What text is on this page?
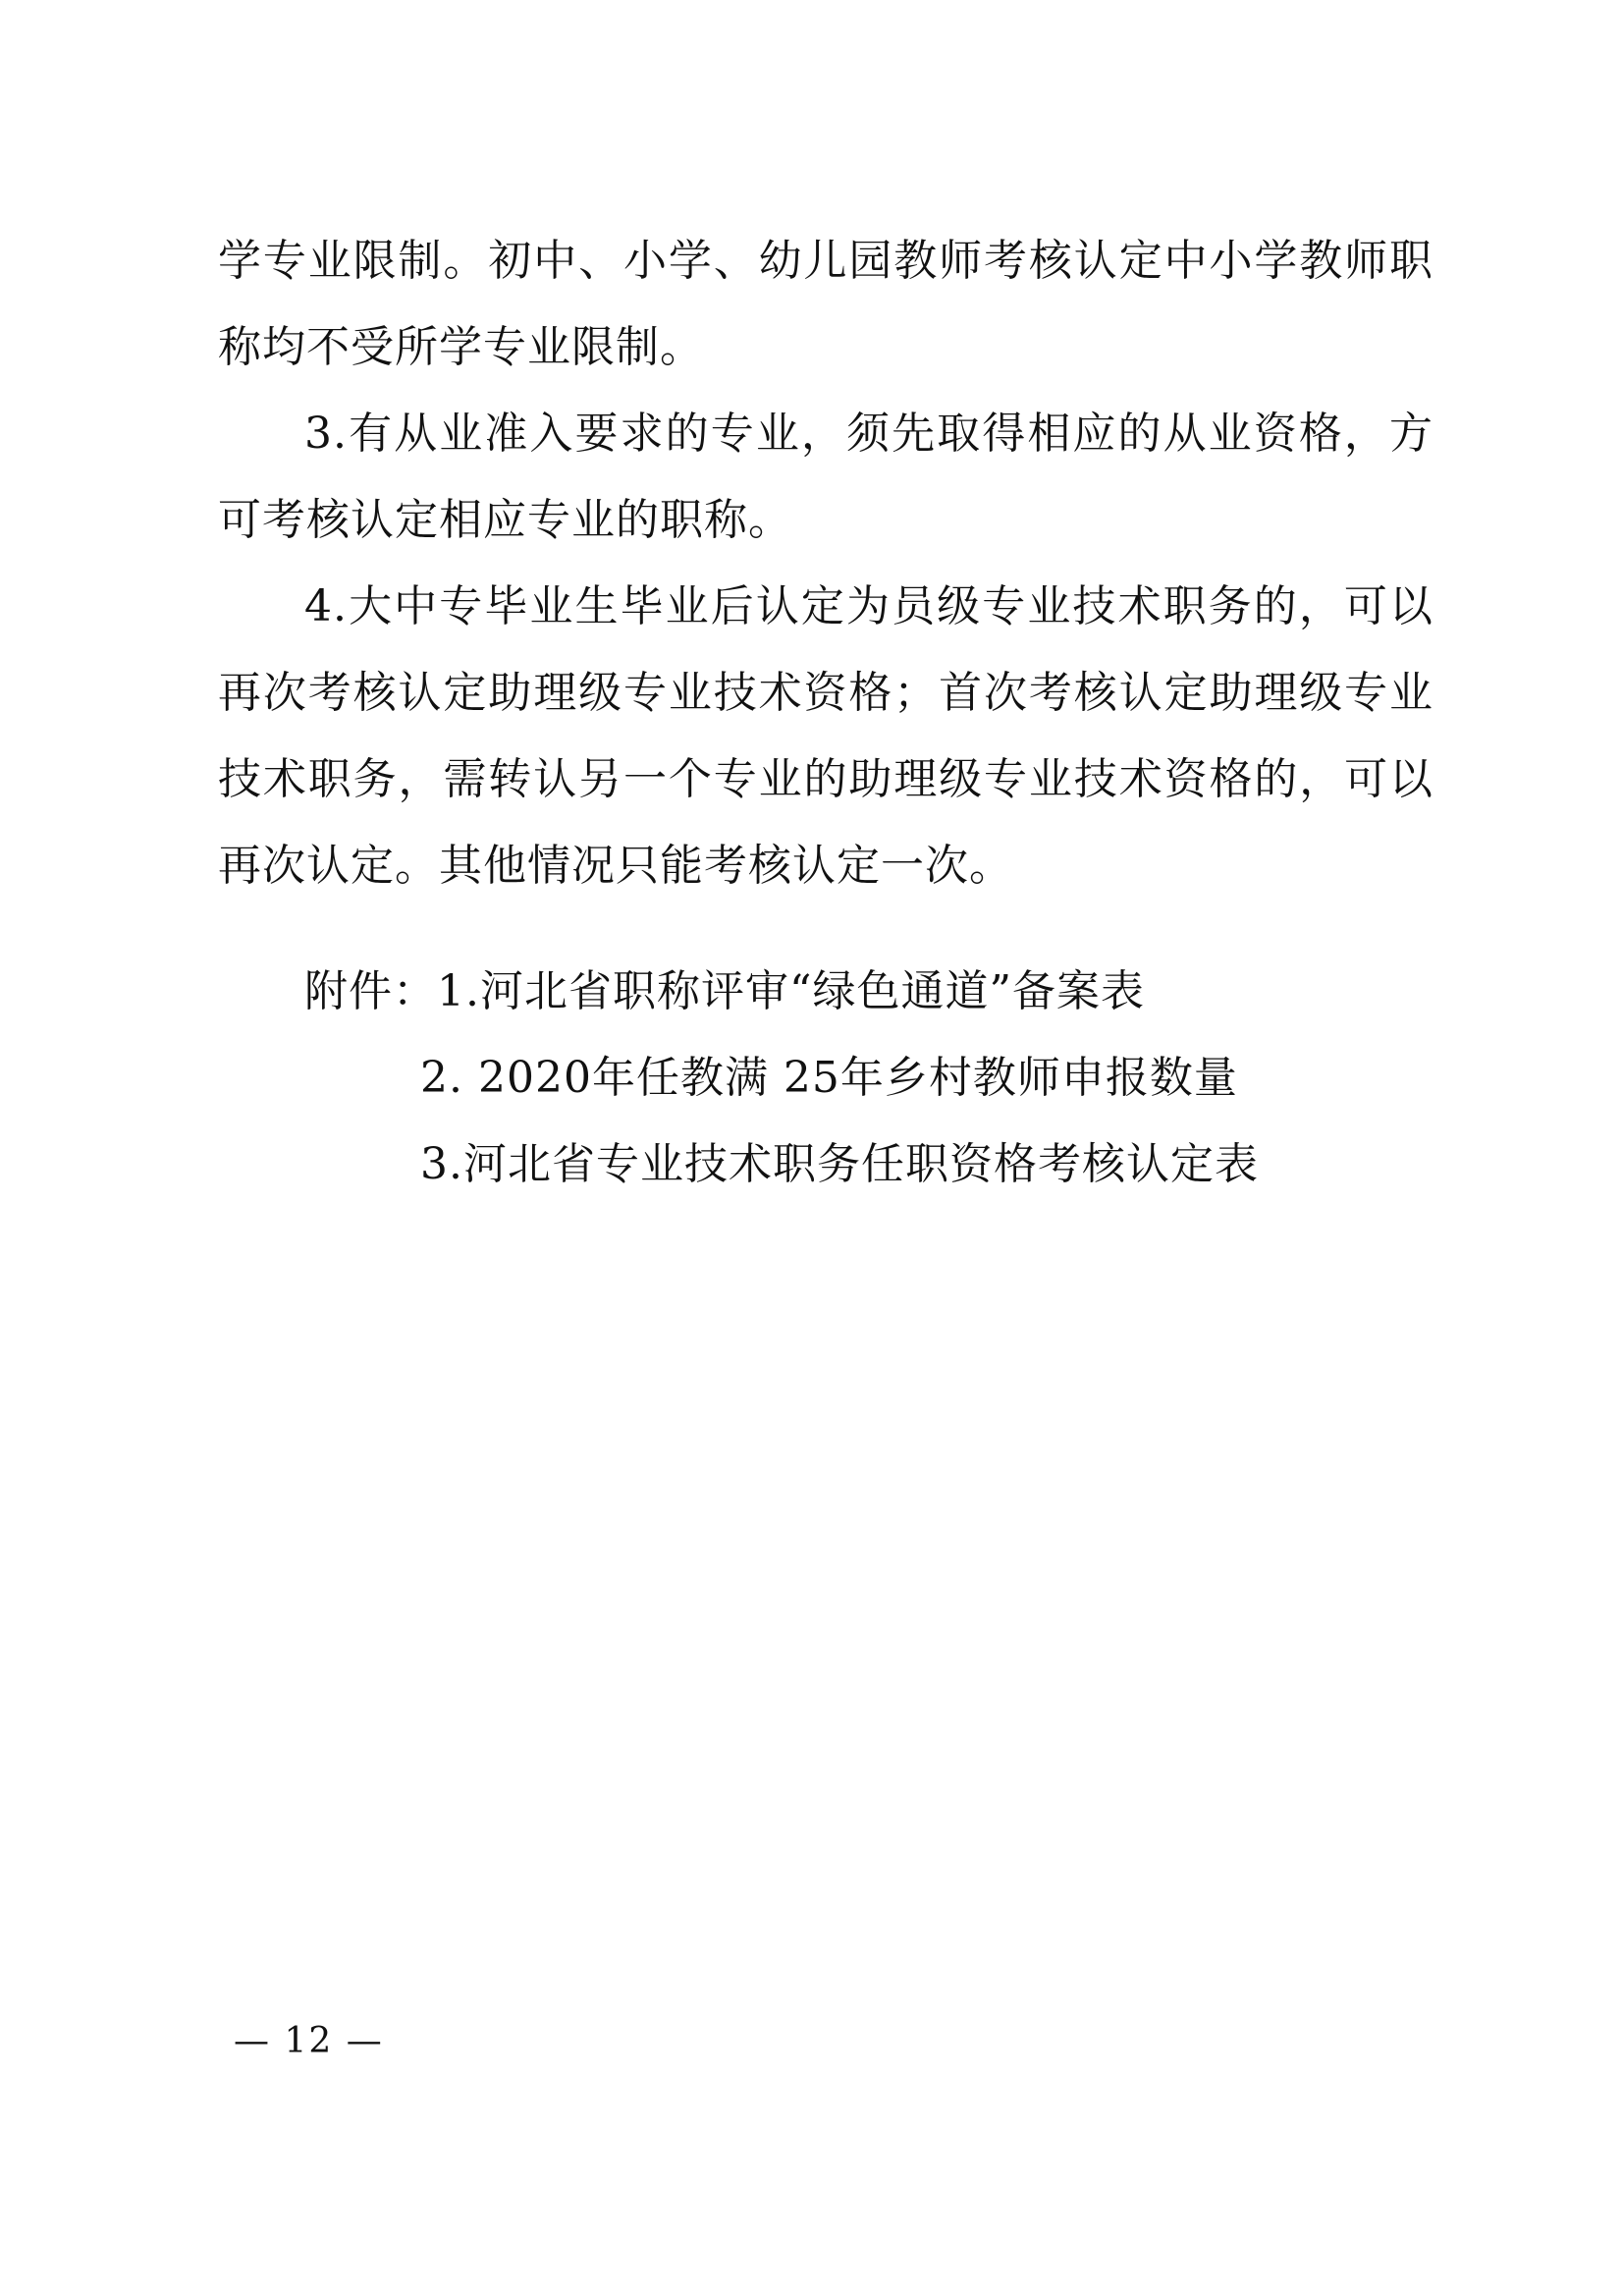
学专业限制。初中、小学、幼儿园教师考核认定中小学教师职称均不受所学专业限制。

3.有从业准入要求的专业，须先取得相应的从业资格，方可考核认定相应专业的职称。

4.大中专毕业生毕业后认定为员级专业技术职务的，可以再次考核认定助理级专业技术资格；首次考核认定助理级专业技术职务，需转认另一个专业的助理级专业技术资格的，可以再次认定。其他情况只能考核认定一次。

附件：1.河北省职称评审“绿色通道”备案表

2. 2020年任教满 25年乡村教师申报数量

3.河北省专业技术职务任职资格考核认定表

— 12 —
